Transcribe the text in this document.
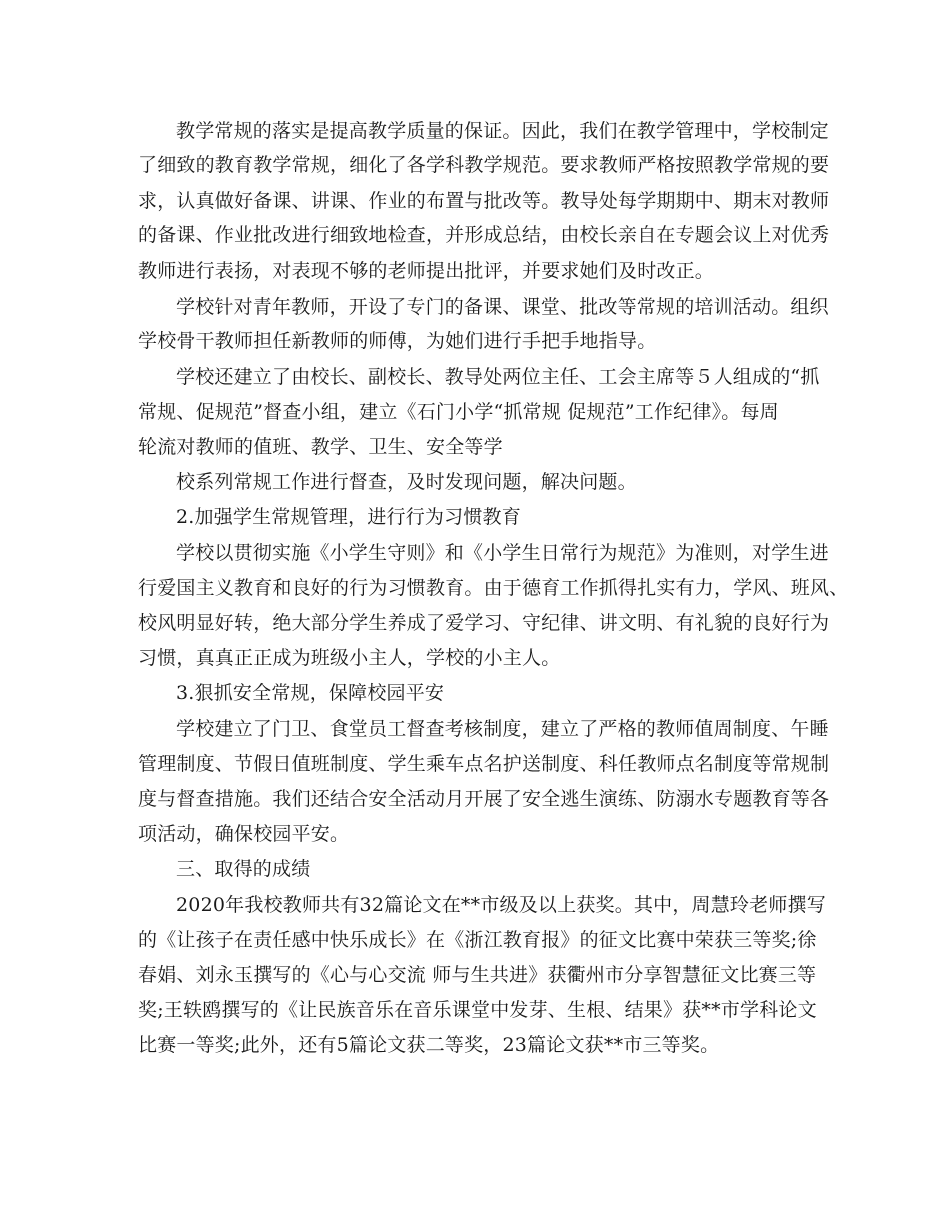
教学常规的落实是提高教学质量的保证。因此，我们在教学管理中，学校制定
了细致的教育教学常规，细化了各学科教学规范。要求教师严格按照教学常规的要
求，认真做好备课、讲课、作业的布置与批改等。教导处每学期期中、期末对教师
的备课、作业批改进行细致地检查，并形成总结，由校长亲自在专题会议上对优秀
教师进行表扬，对表现不够的老师提出批评，并要求她们及时改正。
学校针对青年教师，开设了专门的备课、课堂、批改等常规的培训活动。组织
学校骨干教师担任新教师的师傅，为她们进行手把手地指导。
学校还建立了由校长、副校长、教导处两位主任、工会主席等５人组成的“抓
常规、促规范”督查小组，建立《石门小学“抓常规 促规范”工作纪律》。每周
轮流对教师的值班、教学、卫生、安全等学
校系列常规工作进行督查，及时发现问题，解决问题。
2.加强学生常规管理，进行行为习惯教育
学校以贯彻实施《小学生守则》和《小学生日常行为规范》为准则，对学生进
行爱国主义教育和良好的行为习惯教育。由于德育工作抓得扎实有力，学风、班风、
校风明显好转，绝大部分学生养成了爱学习、守纪律、讲文明、有礼貌的良好行为
习惯，真真正正成为班级小主人，学校的小主人。
3.狠抓安全常规，保障校园平安
学校建立了门卫、食堂员工督查考核制度，建立了严格的教师值周制度、午睡
管理制度、节假日值班制度、学生乘车点名护送制度、科任教师点名制度等常规制
度与督查措施。我们还结合安全活动月开展了安全逃生演练、防溺水专题教育等各
项活动，确保校园平安。
三、取得的成绩
2020年我校教师共有32篇论文在**市级及以上获奖。其中，周慧玲老师撰写
的《让孩子在责任感中快乐成长》在《浙江教育报》的征文比赛中荣获三等奖;徐
春娟、刘永玉撰写的《心与心交流 师与生共进》获衢州市分享智慧征文比赛三等
奖;王轶鸥撰写的《让民族音乐在音乐课堂中发芽、生根、结果》获**市学科论文
比赛一等奖;此外，还有5篇论文获二等奖，23篇论文获**市三等奖。
